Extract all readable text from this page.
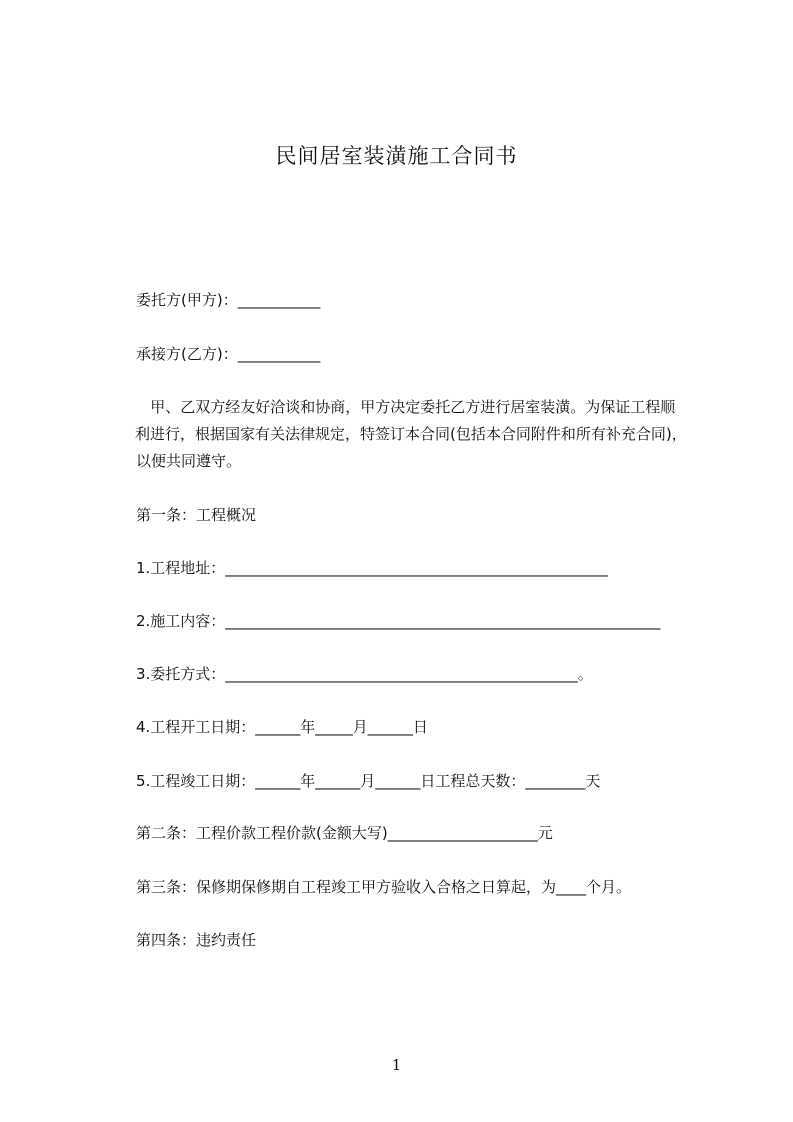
民间居室装潢施工合同书
委托方(甲方)：___________
承接方(乙方)：___________
甲、乙双方经友好洽谈和协商，甲方决定委托乙方进行居室装潢。为保证工程顺
利进行，根据国家有关法律规定，特签订本合同(包括本合同附件和所有补充合同)，
以便共同遵守。
第一条：工程概况
1.工程地址：___________________________________________________
2.施工内容：__________________________________________________________
3.委托方式：_______________________________________________。
4.工程开工日期：______年_____月______日
5.工程竣工日期：______年______月______日工程总天数：________天
第二条：工程价款工程价款(金额大写)____________________元
第三条：保修期保修期自工程竣工甲方验收入合格之日算起，为____个月。
第四条：违约责任
1
